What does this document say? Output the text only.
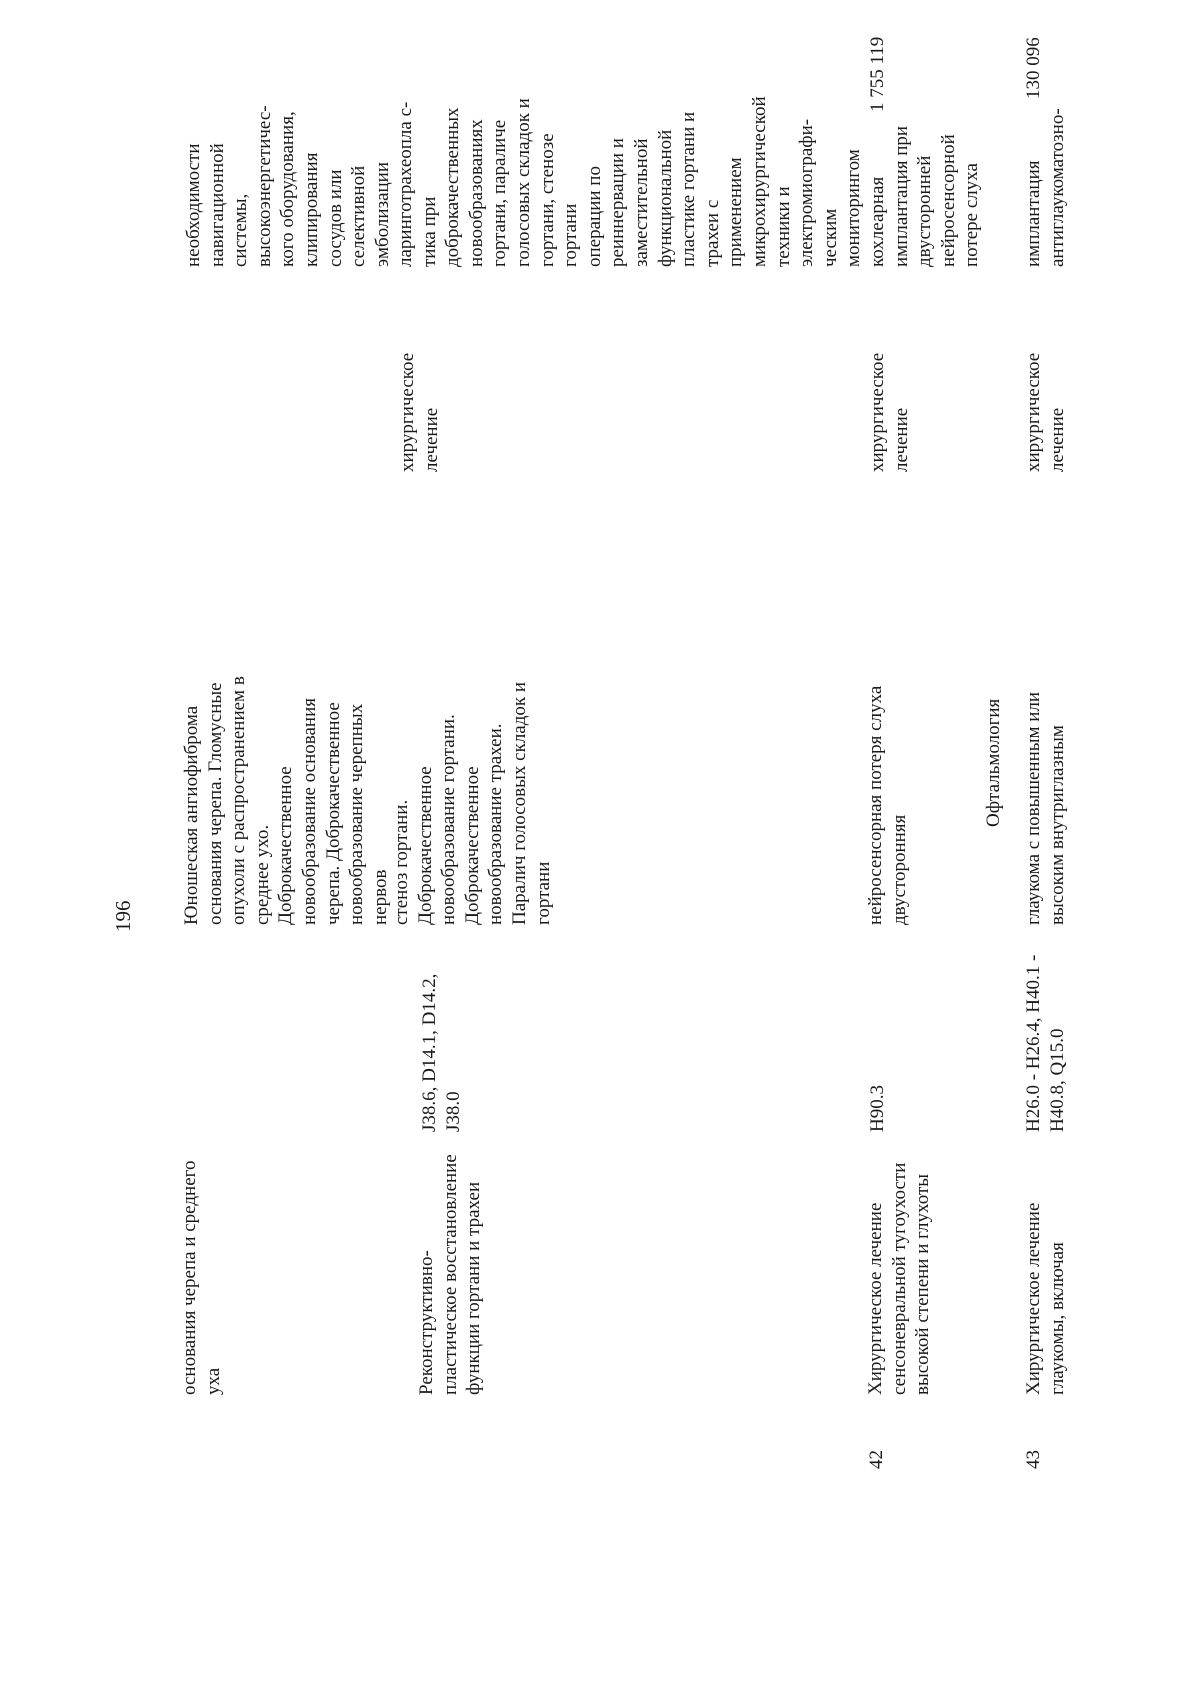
196
основания черепа и среднего уха
Юношеская ангиофиброма основания черепа. Гломусные опухоли с распространением в среднее ухо. Доброкачественное новообразование основания черепа. Доброкачественное новообразование черепных нервов
необходимости навигационной системы, высокоэнергетичес- кого оборудования, клипирования сосудов или селективной эмболизации
Реконструктивно- пластическое восстановление функции гортани и трахеи
J38.6, D14.1, D14.2, J38.0
стеноз гортани. Доброкачественное новообразование гортани. Доброкачественное новообразование трахеи. Паралич голосовых складок и гортани
хирургическое лечение
ларинготрахеопла с- тика при доброкачественных новообразованиях гортани, параличе голосовых складок и гортани, стенозе гортани операции по реиннервации и заместительной функциональной пластике гортани и трахеи с применением микрохирургической техники и электромиографи- ческим мониторингом
42
Хирургическое лечение сенсоневральной тугоухости высокой степени и глухоты
H90.3
нейросенсорная потеря слуха двусторонняя
хирургическое лечение
кохлеарная имплантация при двусторонней нейросенсорной потере слуха
1 755 119
Офтальмология
43
Хирургическое лечение глаукомы, включая
H26.0 - H26.4, H40.1 - H40.8, Q15.0
глаукома с повышенным или высоким внутриглазным
хирургическое лечение
имплантация антиглаукоматозно-
130 096
